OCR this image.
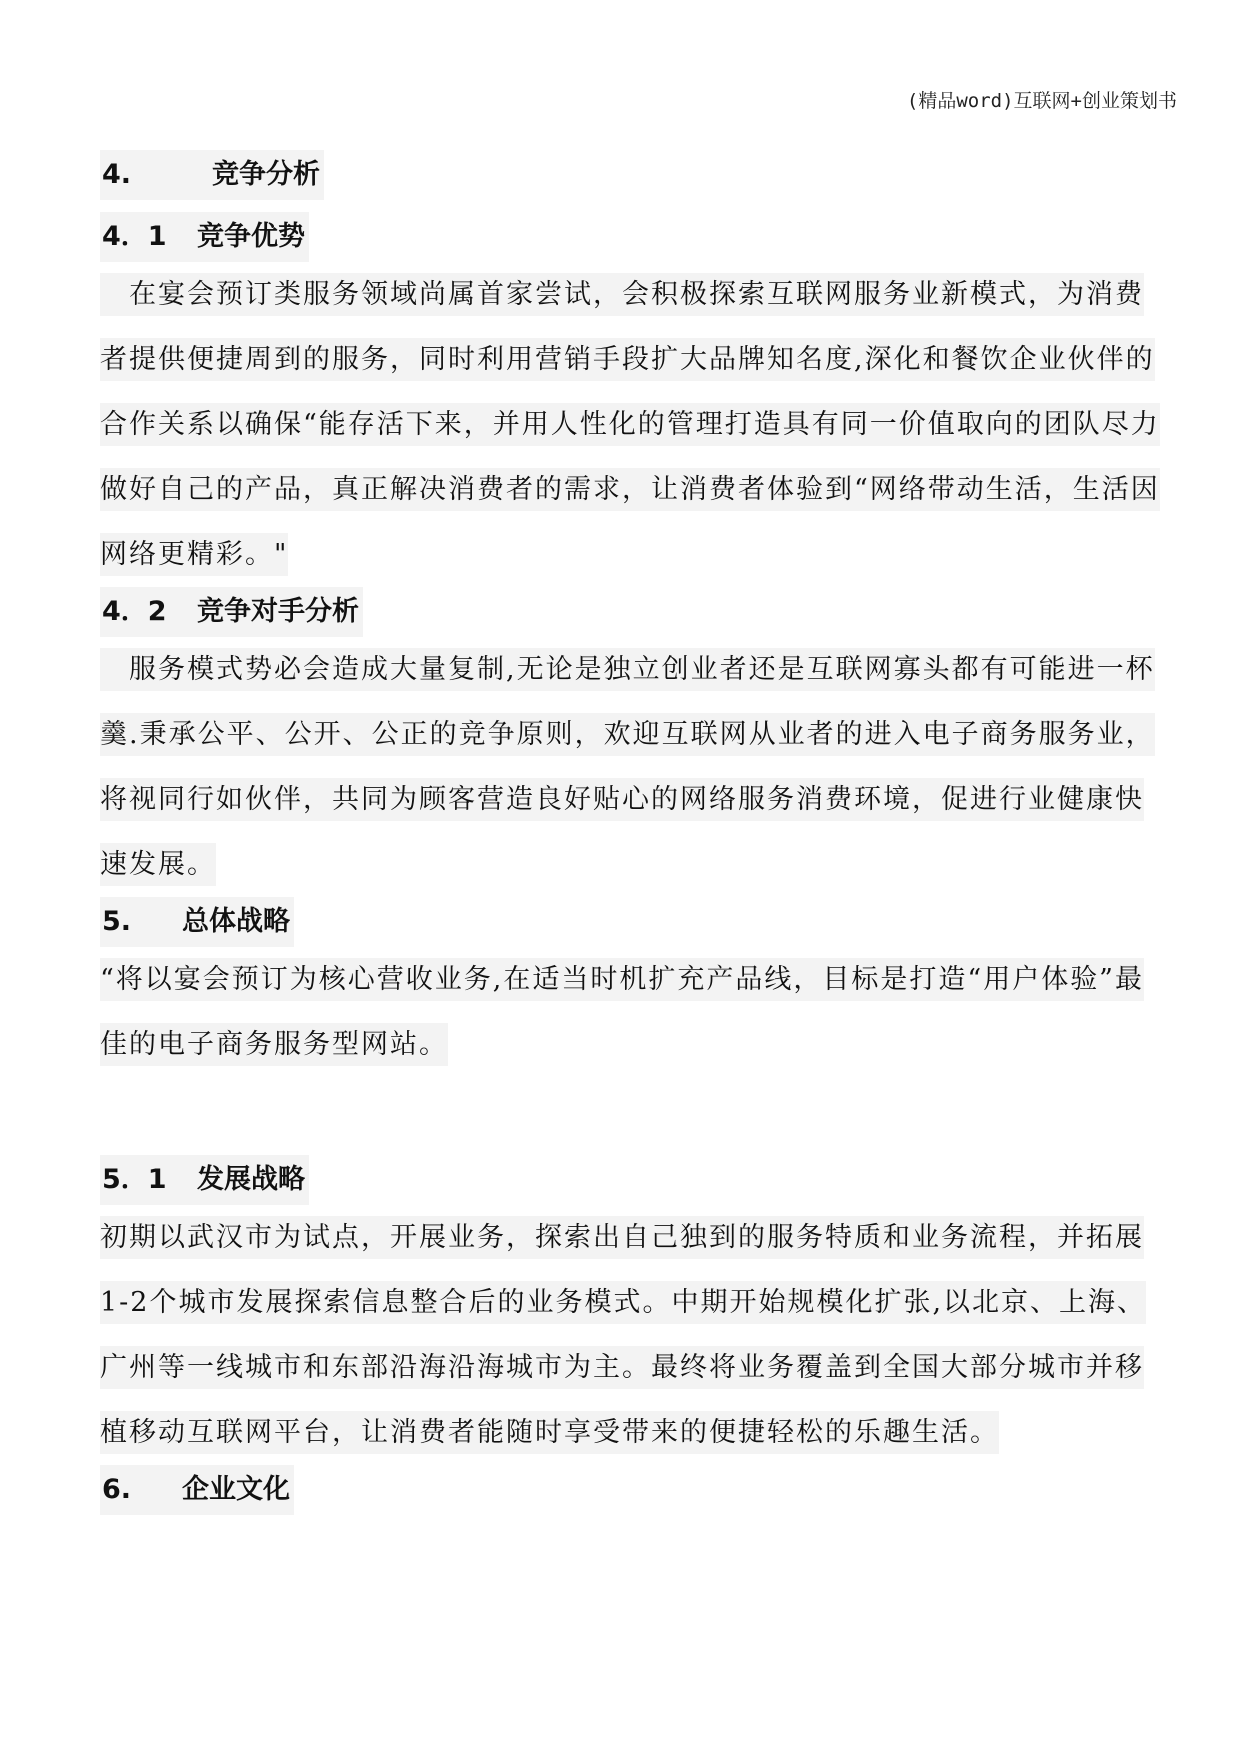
(精品word)互联网+创业策划书
4.	竞争分析
4．1 竞争优势

　在宴会预订类服务领域尚属首家尝试，会积极探索互联网服务业新模式，为消费者提供便捷周到的服务，同时利用营销手段扩大品牌知名度,深化和餐饮企业伙伴的合作关系以确保“能存活下来，并用人性化的管理打造具有同一价值取向的团队尽力做好自己的产品，真正解决消费者的需求，让消费者体验到“网络带动生活，生活因网络更精彩。"

4．2 竞争对手分析

　服务模式势必会造成大量复制,无论是独立创业者还是互联网寡头都有可能进一杯羹.秉承公平、公开、公正的竞争原则，欢迎互联网从业者的进入电子商务服务业，将视同行如伙伴，共同为顾客营造良好贴心的网络服务消费环境，促进行业健康快速发展。

5. 总体战略

“将以宴会预订为核心营收业务,在适当时机扩充产品线，目标是打造“用户体验”最佳的电子商务服务型网站。

5．1 发展战略

初期以武汉市为试点，开展业务，探索出自己独到的服务特质和业务流程，并拓展1-2个城市发展探索信息整合后的业务模式。中期开始规模化扩张,以北京、上海、广州等一线城市和东部沿海沿海城市为主。最终将业务覆盖到全国大部分城市并移植移动互联网平台，让消费者能随时享受带来的便捷轻松的乐趣生活。

6. 企业文化
